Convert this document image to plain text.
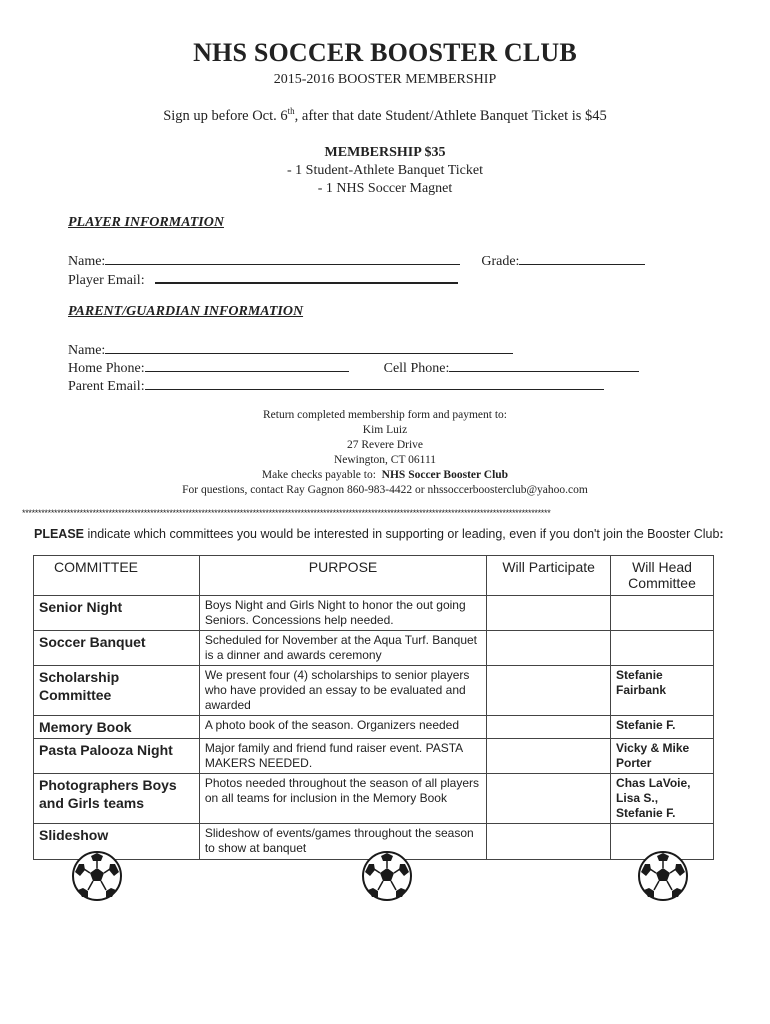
NHS SOCCER BOOSTER CLUB
2015-2016 BOOSTER MEMBERSHIP
Sign up before Oct. 6th, after that date Student/Athlete Banquet Ticket is $45
MEMBERSHIP $35
- 1 Student-Athlete Banquet Ticket
- 1 NHS Soccer Magnet
PLAYER INFORMATION
Name:	Grade:
Player Email:
PARENT/GUARDIAN INFORMATION
Name:
Home Phone:	Cell Phone:
Parent Email:
Return completed membership form and payment to:
Kim Luiz
27 Revere Drive
Newington, CT 06111
Make checks payable to: NHS Soccer Booster Club
For questions, contact Ray Gagnon 860-983-4422 or nhssoccerboosterclub@yahoo.com
*********************************************************************************************************************************************************************
PLEASE indicate which committees you would be interested in supporting or leading, even if you don't join the Booster Club:
COMMITTEE	PURPOSE	Will Participate	Will Head Committee
Senior Night	Boys Night and Girls Night to honor the out going Seniors. Concessions help needed.		
Soccer Banquet	Scheduled for November at the Aqua Turf. Banquet is a dinner and awards ceremony		
Scholarship Committee	We present four (4) scholarships to senior players who have provided an essay to be evaluated and awarded		Stefanie Fairbank
Memory Book	A photo book of the season. Organizers needed		Stefanie F.
Pasta Palooza Night	Major family and friend fund raiser event. PASTA MAKERS NEEDED.		Vicky & Mike Porter
Photographers Boys and Girls teams	Photos needed throughout the season of all players on all teams for inclusion in the Memory Book		Chas LaVoie, Lisa S., Stefanie F.
Slideshow	Slideshow of events/games throughout the season to show at banquet		
